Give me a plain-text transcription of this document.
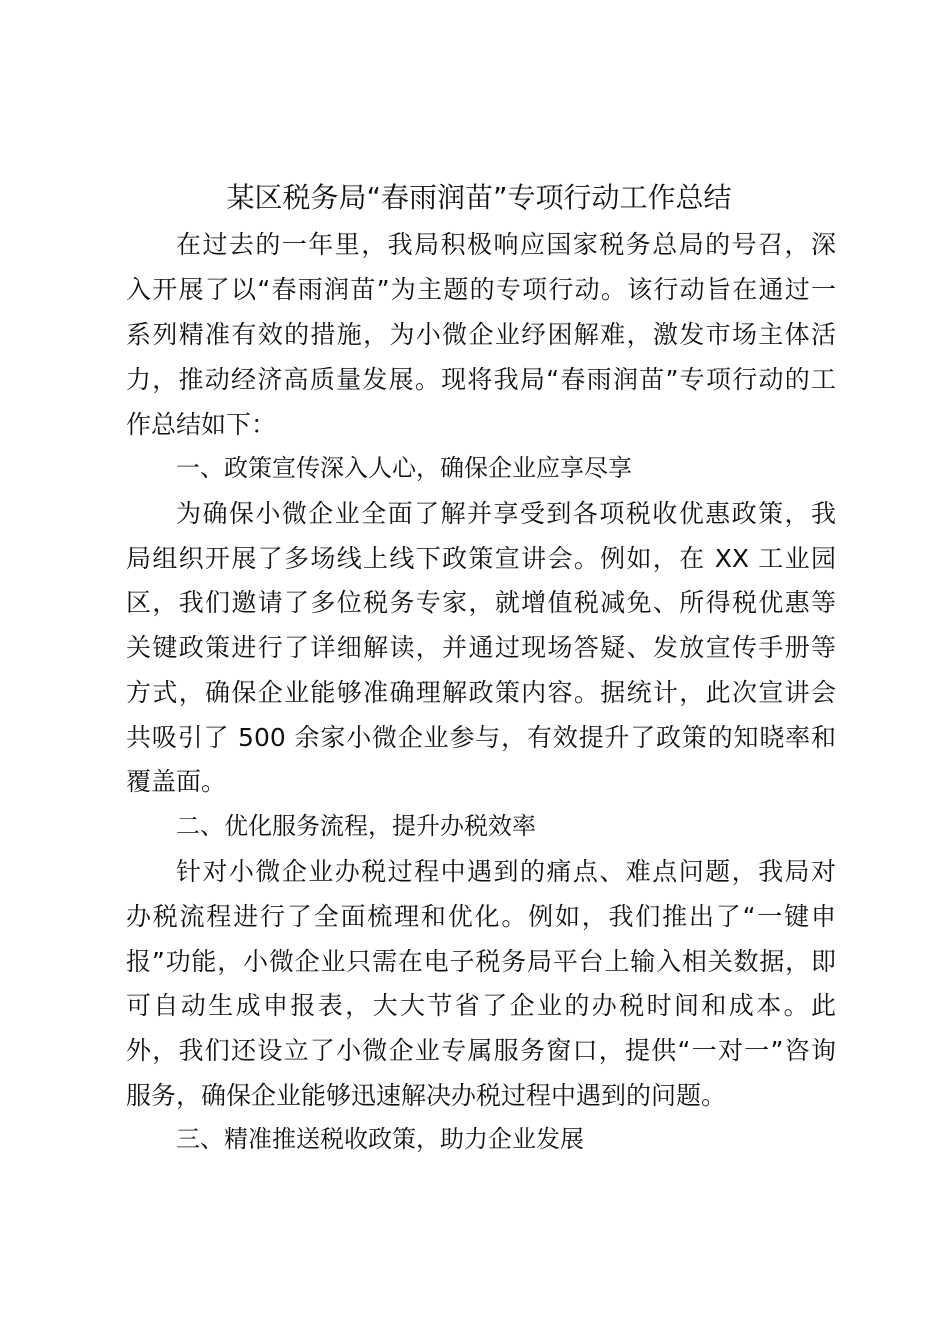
某区税务局“春雨润苗”专项行动工作总结
在过去的一年里，我局积极响应国家税务总局的号召，深
入开展了以“春雨润苗”为主题的专项行动。该行动旨在通过一
系列精准有效的措施，为小微企业纾困解难，激发市场主体活
力，推动经济高质量发展。现将我局“春雨润苗”专项行动的工
作总结如下：
一、政策宣传深入人心，确保企业应享尽享
为确保小微企业全面了解并享受到各项税收优惠政策，我
局组织开展了多场线上线下政策宣讲会。例如，在 XX 工业园
区，我们邀请了多位税务专家，就增值税减免、所得税优惠等
关键政策进行了详细解读，并通过现场答疑、发放宣传手册等
方式，确保企业能够准确理解政策内容。据统计，此次宣讲会
共吸引了 500 余家小微企业参与，有效提升了政策的知晓率和
覆盖面。
二、优化服务流程，提升办税效率
针对小微企业办税过程中遇到的痛点、难点问题，我局对
办税流程进行了全面梳理和优化。例如，我们推出了“一键申
报”功能，小微企业只需在电子税务局平台上输入相关数据，即
可自动生成申报表，大大节省了企业的办税时间和成本。此
外，我们还设立了小微企业专属服务窗口，提供“一对一”咨询
服务，确保企业能够迅速解决办税过程中遇到的问题。
三、精准推送税收政策，助力企业发展
